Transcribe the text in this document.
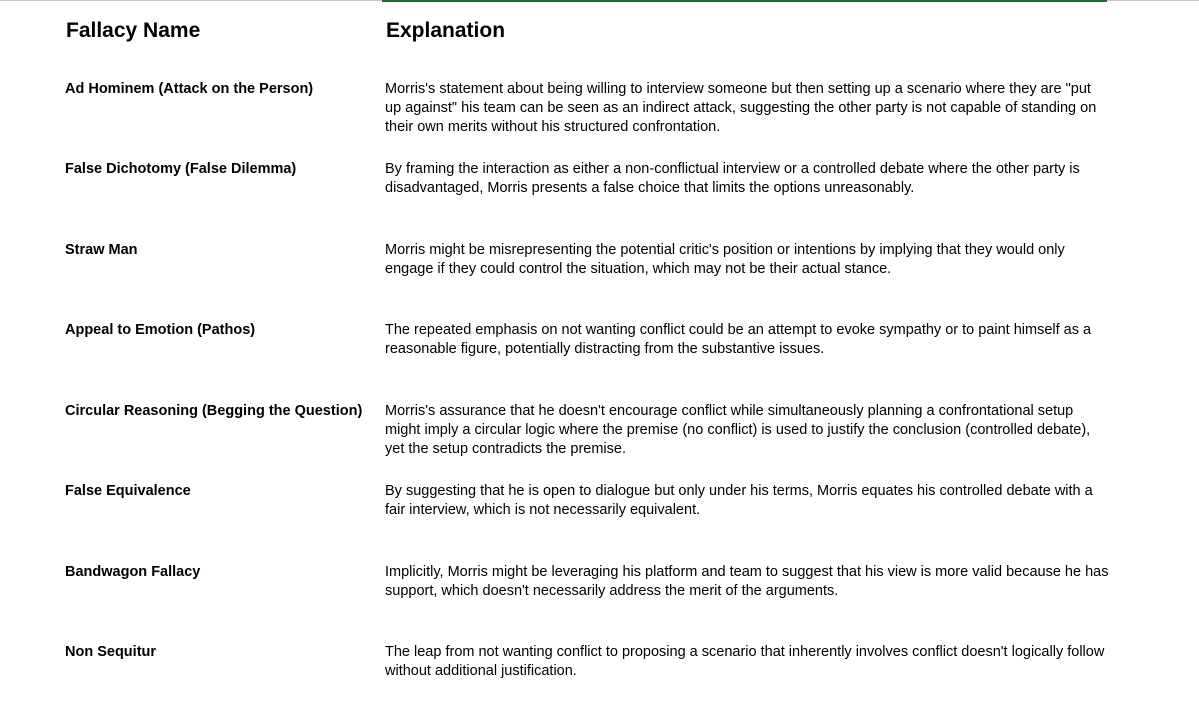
Fallacy Name	Explanation
Ad Hominem (Attack on the Person)	Morris's statement about being willing to interview someone but then setting up a scenario where they are "put up against" his team can be seen as an indirect attack, suggesting the other party is not capable of standing on their own merits without his structured confrontation.
False Dichotomy (False Dilemma)	By framing the interaction as either a non-conflictual interview or a controlled debate where the other party is disadvantaged, Morris presents a false choice that limits the options unreasonably.
Straw Man	Morris might be misrepresenting the potential critic's position or intentions by implying that they would only engage if they could control the situation, which may not be their actual stance.
Appeal to Emotion (Pathos)	The repeated emphasis on not wanting conflict could be an attempt to evoke sympathy or to paint himself as a reasonable figure, potentially distracting from the substantive issues.
Circular Reasoning (Begging the Question)	Morris's assurance that he doesn't encourage conflict while simultaneously planning a confrontational setup might imply a circular logic where the premise (no conflict) is used to justify the conclusion (controlled debate), yet the setup contradicts the premise.
False Equivalence	By suggesting that he is open to dialogue but only under his terms, Morris equates his controlled debate with a fair interview, which is not necessarily equivalent.
Bandwagon Fallacy	Implicitly, Morris might be leveraging his platform and team to suggest that his view is more valid because he has support, which doesn't necessarily address the merit of the arguments.
Non Sequitur	The leap from not wanting conflict to proposing a scenario that inherently involves conflict doesn't logically follow without additional justification.
